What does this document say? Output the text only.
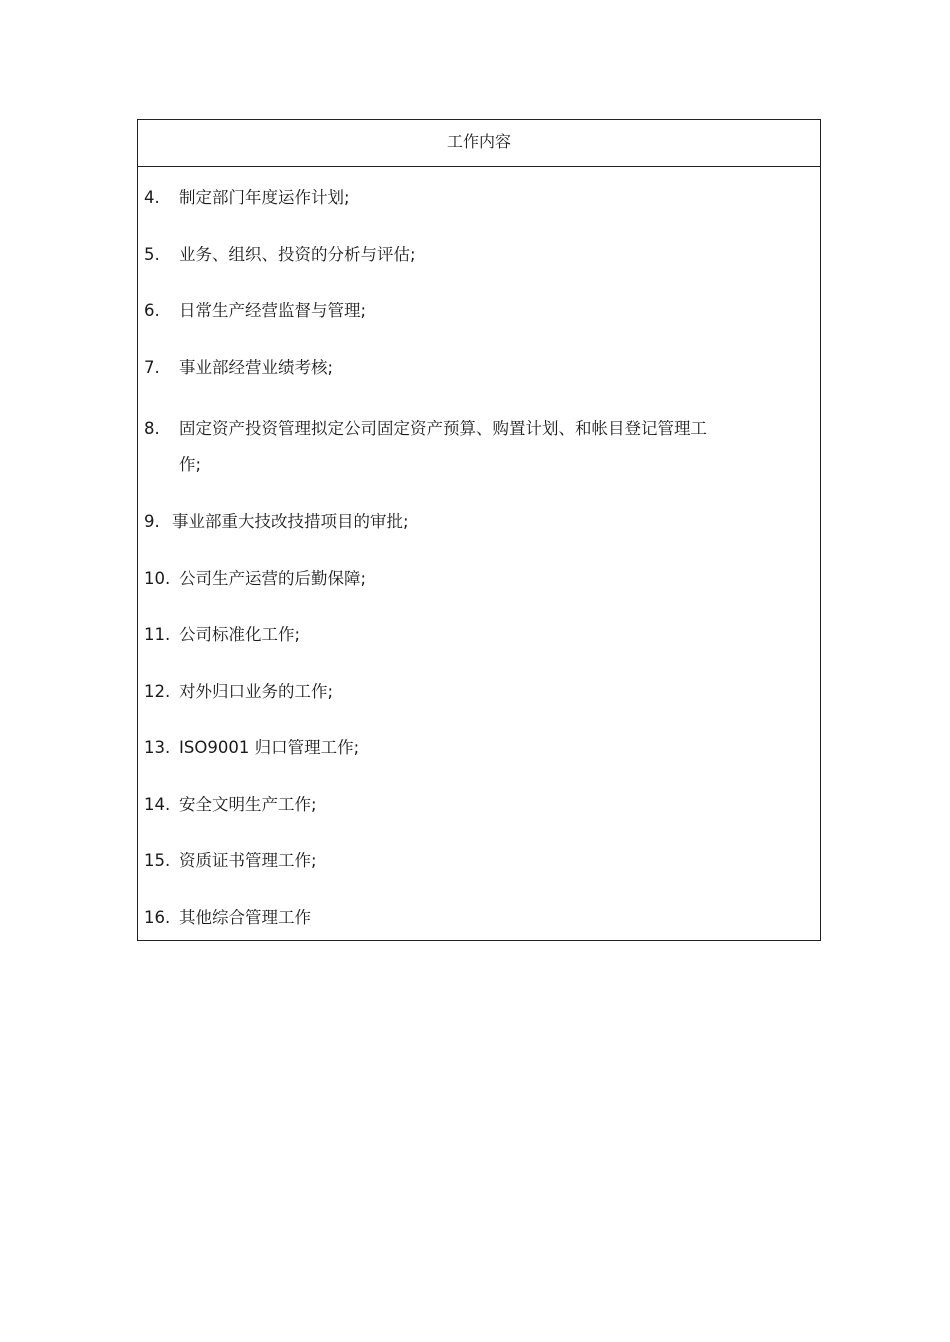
工作内容
4. 制定部门年度运作计划;
5. 业务、组织、投资的分析与评估;
6. 日常生产经营监督与管理;
7. 事业部经营业绩考核;
8. 固定资产投资管理拟定公司固定资产预算、购置计划、和帐目登记管理工
作;
9. 事业部重大技改技措项目的审批;
10. 公司生产运营的后勤保障;
11. 公司标准化工作;
12. 对外归口业务的工作;
13. ISO9001 归口管理工作;
14. 安全文明生产工作;
15. 资质证书管理工作;
16. 其他综合管理工作
